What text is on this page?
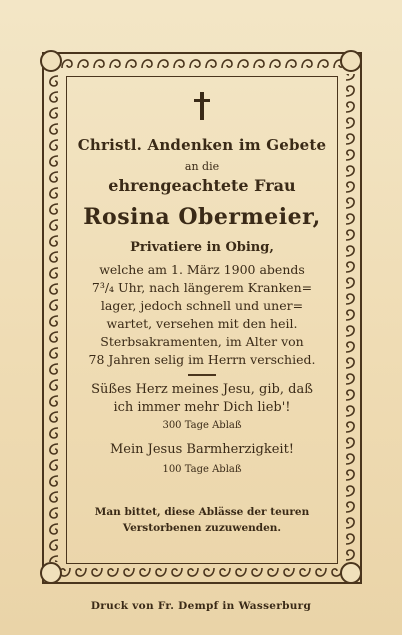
Christl. Andenken im Gebete
an die
ehrengeachtete Frau
Rosina Obermeier,
Privatiere in Obing,
welche am 1. März 1900 abends
7³/₄ Uhr, nach längerem Kranken=
lager, jedoch schnell und uner=
wartet, versehen mit den heil.
Sterbsakramenten, im Alter von
78 Jahren selig im Herrn verschied.
Süßes Herz meines Jesu, gib, daß
ich immer mehr Dich lieb'!
300 Tage Ablaß
Mein Jesus Barmherzigkeit!
100 Tage Ablaß
Man bittet, diese Ablässe der teuren
Verstorbenen zuzuwenden.
Druck von Fr. Dempf in Wasserburg
